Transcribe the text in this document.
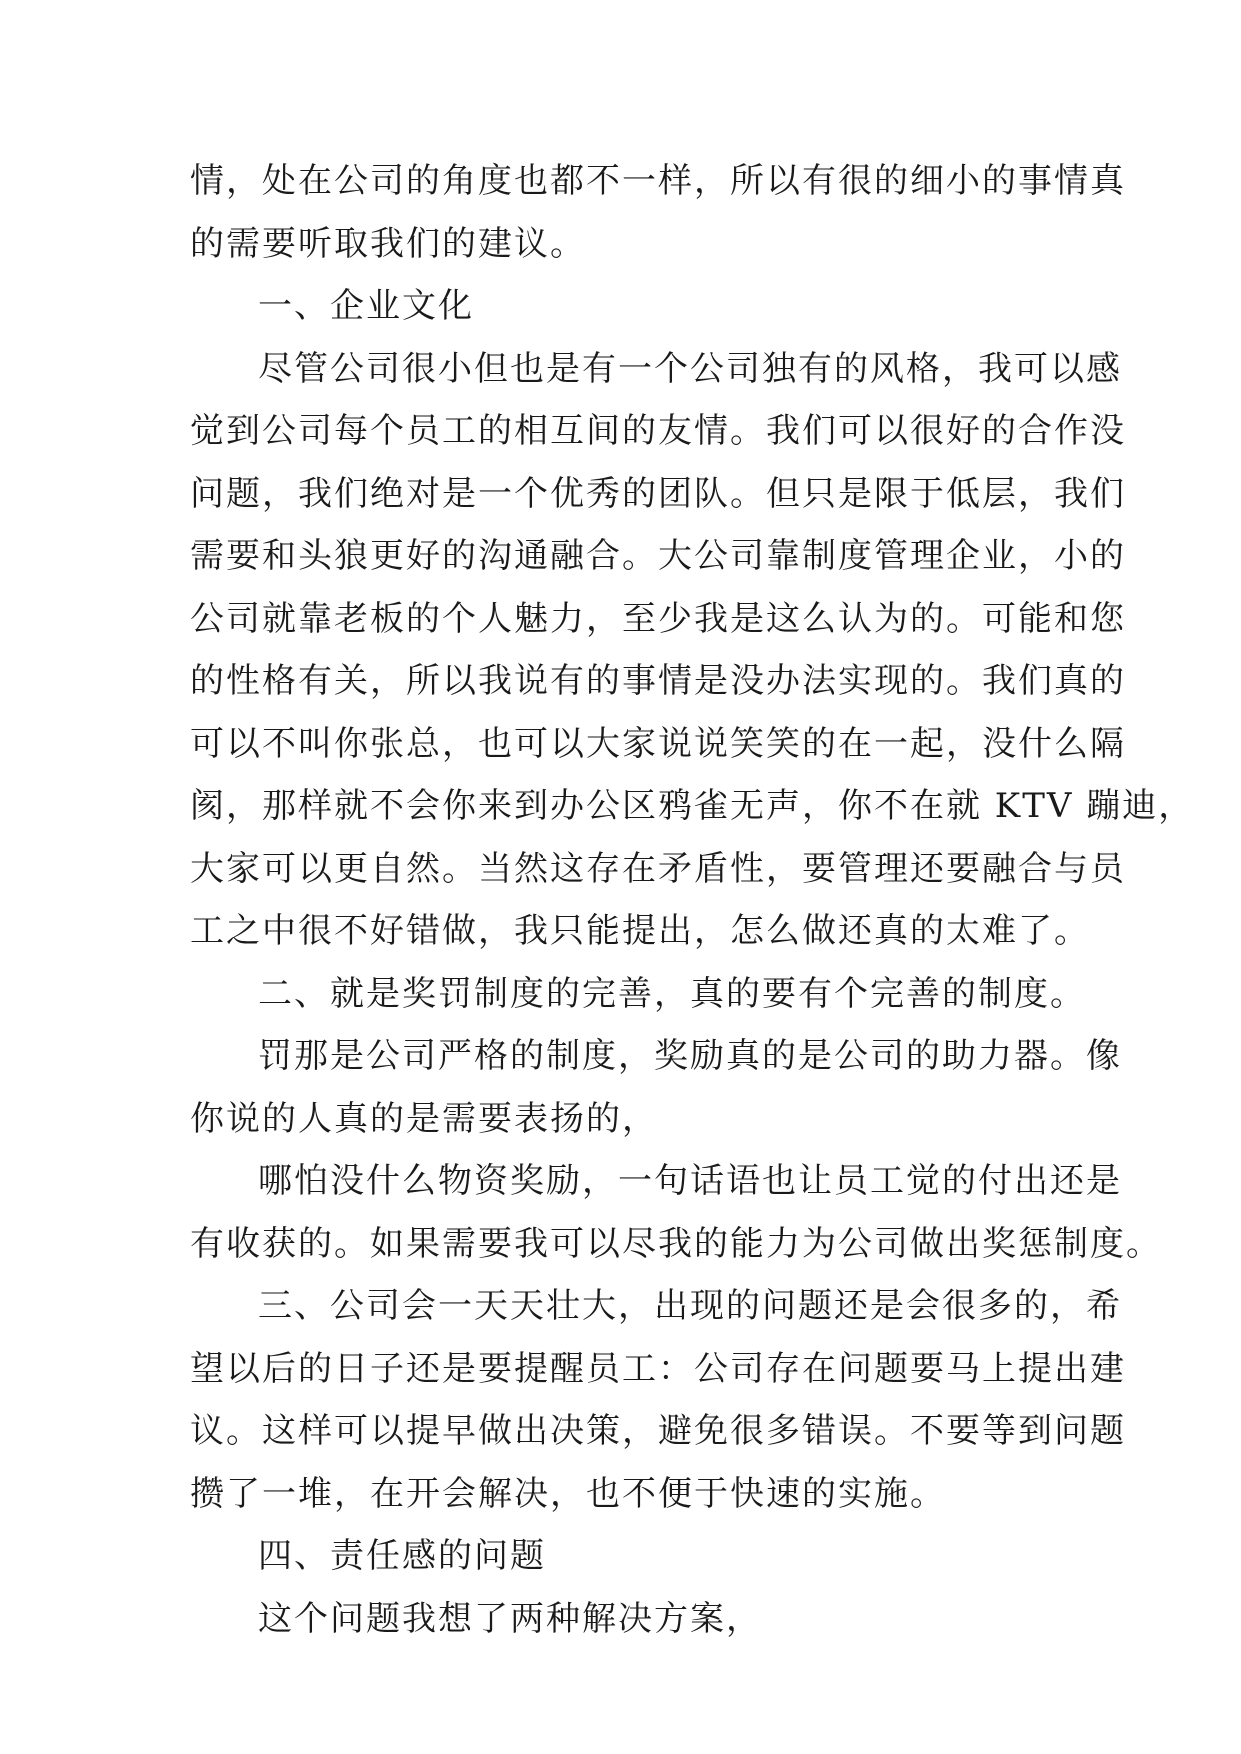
情，处在公司的角度也都不一样，所以有很的细小的事情真
的需要听取我们的建议。
一、企业文化
尽管公司很小但也是有一个公司独有的风格，我可以感
觉到公司每个员工的相互间的友情。我们可以很好的合作没
问题，我们绝对是一个优秀的团队。但只是限于低层，我们
需要和头狼更好的沟通融合。大公司靠制度管理企业，小的
公司就靠老板的个人魅力，至少我是这么认为的。可能和您
的性格有关，所以我说有的事情是没办法实现的。我们真的
可以不叫你张总，也可以大家说说笑笑的在一起，没什么隔
阂，那样就不会你来到办公区鸦雀无声，你不在就 KTV 蹦迪，
大家可以更自然。当然这存在矛盾性，要管理还要融合与员
工之中很不好错做，我只能提出，怎么做还真的太难了。
二、就是奖罚制度的完善，真的要有个完善的制度。
罚那是公司严格的制度，奖励真的是公司的助力器。像
你说的人真的是需要表扬的，
哪怕没什么物资奖励，一句话语也让员工觉的付出还是
有收获的。如果需要我可以尽我的能力为公司做出奖惩制度。
三、公司会一天天壮大，出现的问题还是会很多的，希
望以后的日子还是要提醒员工：公司存在问题要马上提出建
议。这样可以提早做出决策，避免很多错误。不要等到问题
攒了一堆，在开会解决，也不便于快速的实施。
四、责任感的问题
这个问题我想了两种解决方案，
